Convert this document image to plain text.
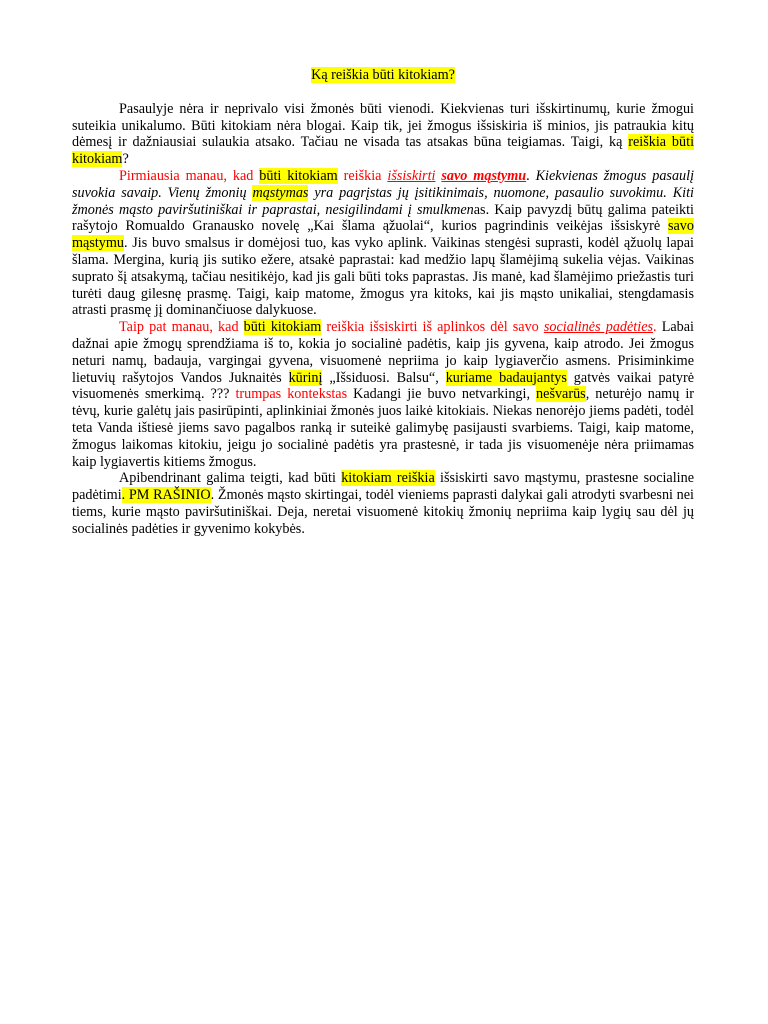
Ką reiškia būti kitokiam?

Pasaulyje nėra ir neprivalo visi žmonės būti vienodi. Kiekvienas turi išskirtinumų, kurie žmogui suteikia unikalumo. Būti kitokiam nėra blogai. Kaip tik, jei žmogus išsiskiria iš minios, jis patraukia kitų dėmesį ir dažniausiai sulaukia atsako. Tačiau ne visada tas atsakas būna teigiamas. Taigi, ką reiškia būti kitokiam?

Pirmiausia manau, kad būti kitokiam reiškia išsiskirti savo mąstymu. Kiekvienas žmogus pasaulį suvokia savaip. Vienų žmonių mąstymas yra pagrįstas jų įsitikinimais, nuomone, pasaulio suvokimu. Kiti žmonės mąsto paviršutiniškai ir paprastai, nesigilindami į smulkmenas. Kaip pavyzdį būtų galima pateikti rašytojo Romualdo Granausko novelę „Kai šlama ąžuolai“, kurios pagrindinis veikėjas išsiskyrė savo mąstymu. Jis buvo smalsus ir domėjosi tuo, kas vyko aplink. Vaikinas stengėsi suprasti, kodėl ąžuolų lapai šlama. Mergina, kurią jis sutiko ežere, atsakė paprastai: kad medžio lapų šlamėjimą sukelia vėjas. Vaikinas suprato šį atsakymą, tačiau nesitikėjo, kad jis gali būti toks paprastas. Jis manė, kad šlamėjimo priežastis turi turėti daug gilesnę prasmę. Taigi, kaip matome, žmogus yra kitoks, kai jis mąsto unikaliai, stengdamasis atrasti prasmę jį dominančiuose dalykuose.

Taip pat manau, kad būti kitokiam reiškia išsiskirti iš aplinkos dėl savo socialinės padėties. Labai dažnai apie žmogų sprendžiama iš to, kokia jo socialinė padėtis, kaip jis gyvena, kaip atrodo. Jei žmogus neturi namų, badauja, vargingai gyvena, visuomenė nepriima jo kaip lygiaverčio asmens. Prisiminkime lietuvių rašytojos Vandos Juknaitės kūrinį „Išsiduosi. Balsu“, kuriame badaujantys gatvės vaikai patyrė visuomenės smerkimą. ??? trumpas kontekstas Kadangi jie buvo netvarkingi, nešvarūs, neturėjo namų ir tėvų, kurie galėtų jais pasirūpinti, aplinkiniai žmonės juos laikė kitokiais. Niekas nenorėjo jiems padėti, todėl teta Vanda ištiesė jiems savo pagalbos ranką ir suteikė galimybę pasijausti svarbiems. Taigi, kaip matome, žmogus laikomas kitokiu, jeigu jo socialinė padėtis yra prastesnė, ir tada jis visuomenėje nėra priimamas kaip lygiavertis kitiems žmogus.

Apibendrinant galima teigti, kad būti kitokiam reiškia išsiskirti savo mąstymu, prastesne socialine padėtimi. PM RAŠINIO. Žmonės mąsto skirtingai, todėl vieniems paprasti dalykai gali atrodyti svarbesni nei tiems, kurie mąsto paviršutiniškai. Deja, neretai visuomenė kitokių žmonių nepriima kaip lygių sau dėl jų socialinės padėties ir gyvenimo kokybės.
